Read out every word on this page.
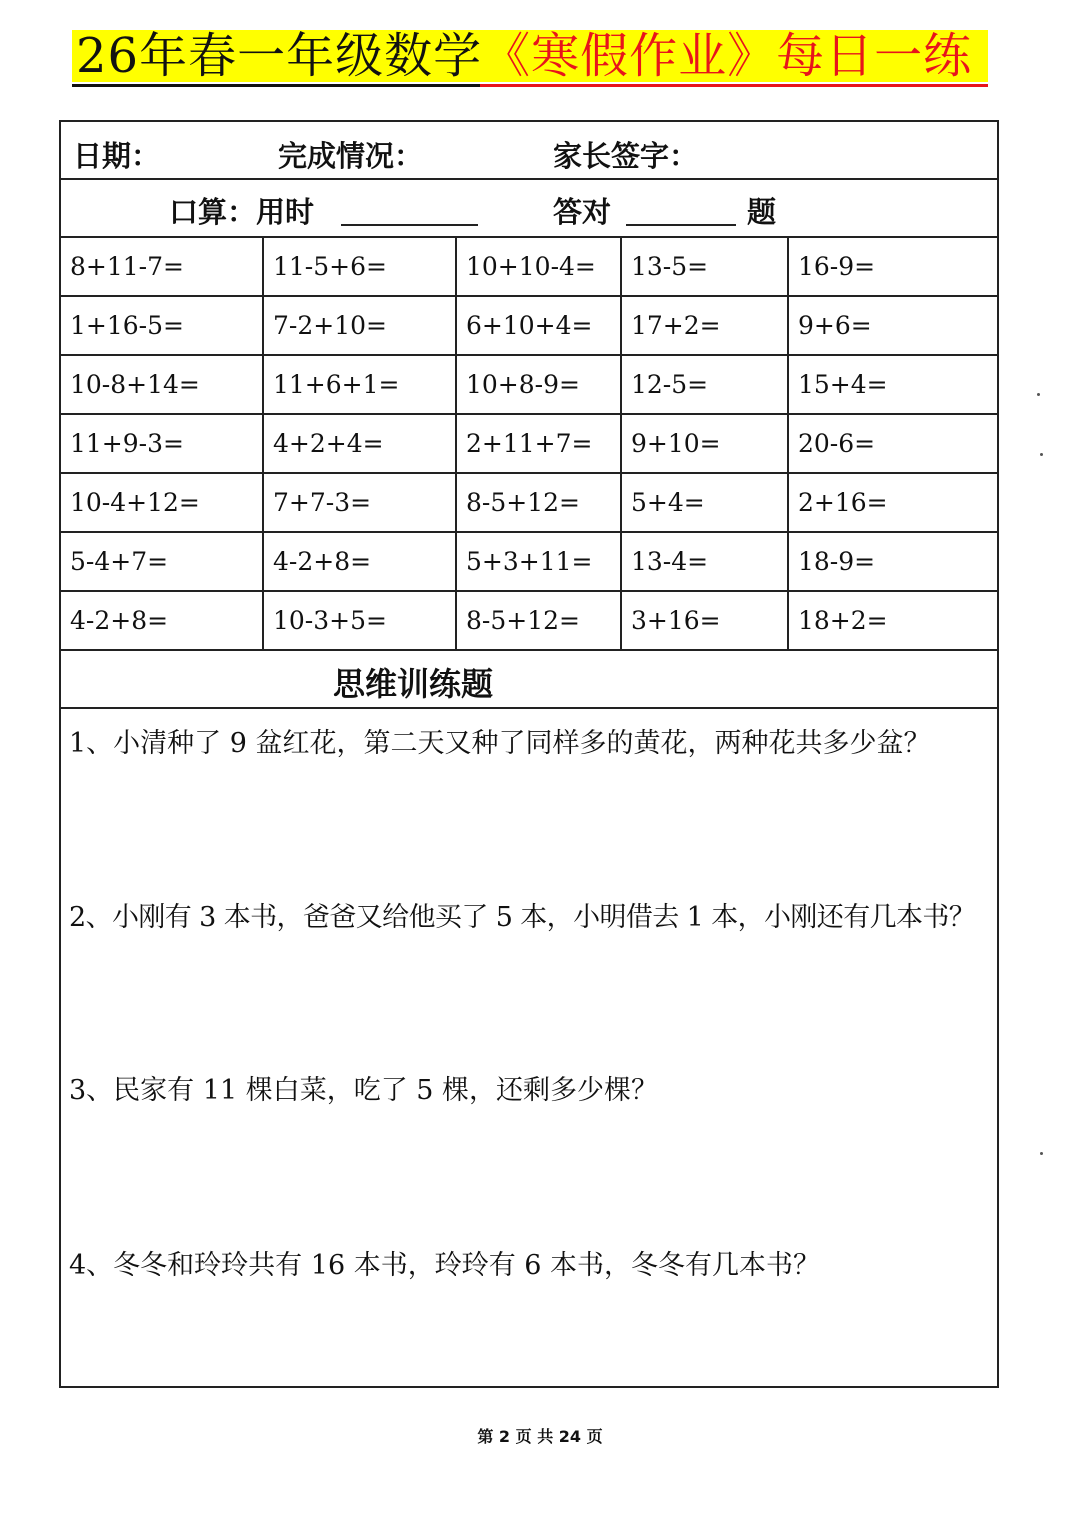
26年春一年级数学《寒假作业》每日一练
日期：	完成情况：	家长签字：
口算：用时	答对	题
8+11-7=	11-5+6=	10+10-4=	13-5=	16-9=
1+16-5=	7-2+10=	6+10+4=	17+2=	9+6=
10-8+14=	11+6+1=	10+8-9=	12-5=	15+4=
11+9-3=	4+2+4=	2+11+7=	9+10=	20-6=
10-4+12=	7+7-3=	8-5+12=	5+4=	2+16=
5-4+7=	4-2+8=	5+3+11=	13-4=	18-9=
4-2+8=	10-3+5=	8-5+12=	3+16=	18+2=
思维训练题
1、小清种了 9 盆红花，第二天又种了同样多的黄花，两种花共多少盆？
2、小刚有 3 本书，爸爸又给他买了 5 本，小明借去 1 本，小刚还有几本书？
3、民家有 11 棵白菜，吃了 5 棵，还剩多少棵？
4、冬冬和玲玲共有 16 本书，玲玲有 6 本书，冬冬有几本书？
第 2 页 共 24 页
